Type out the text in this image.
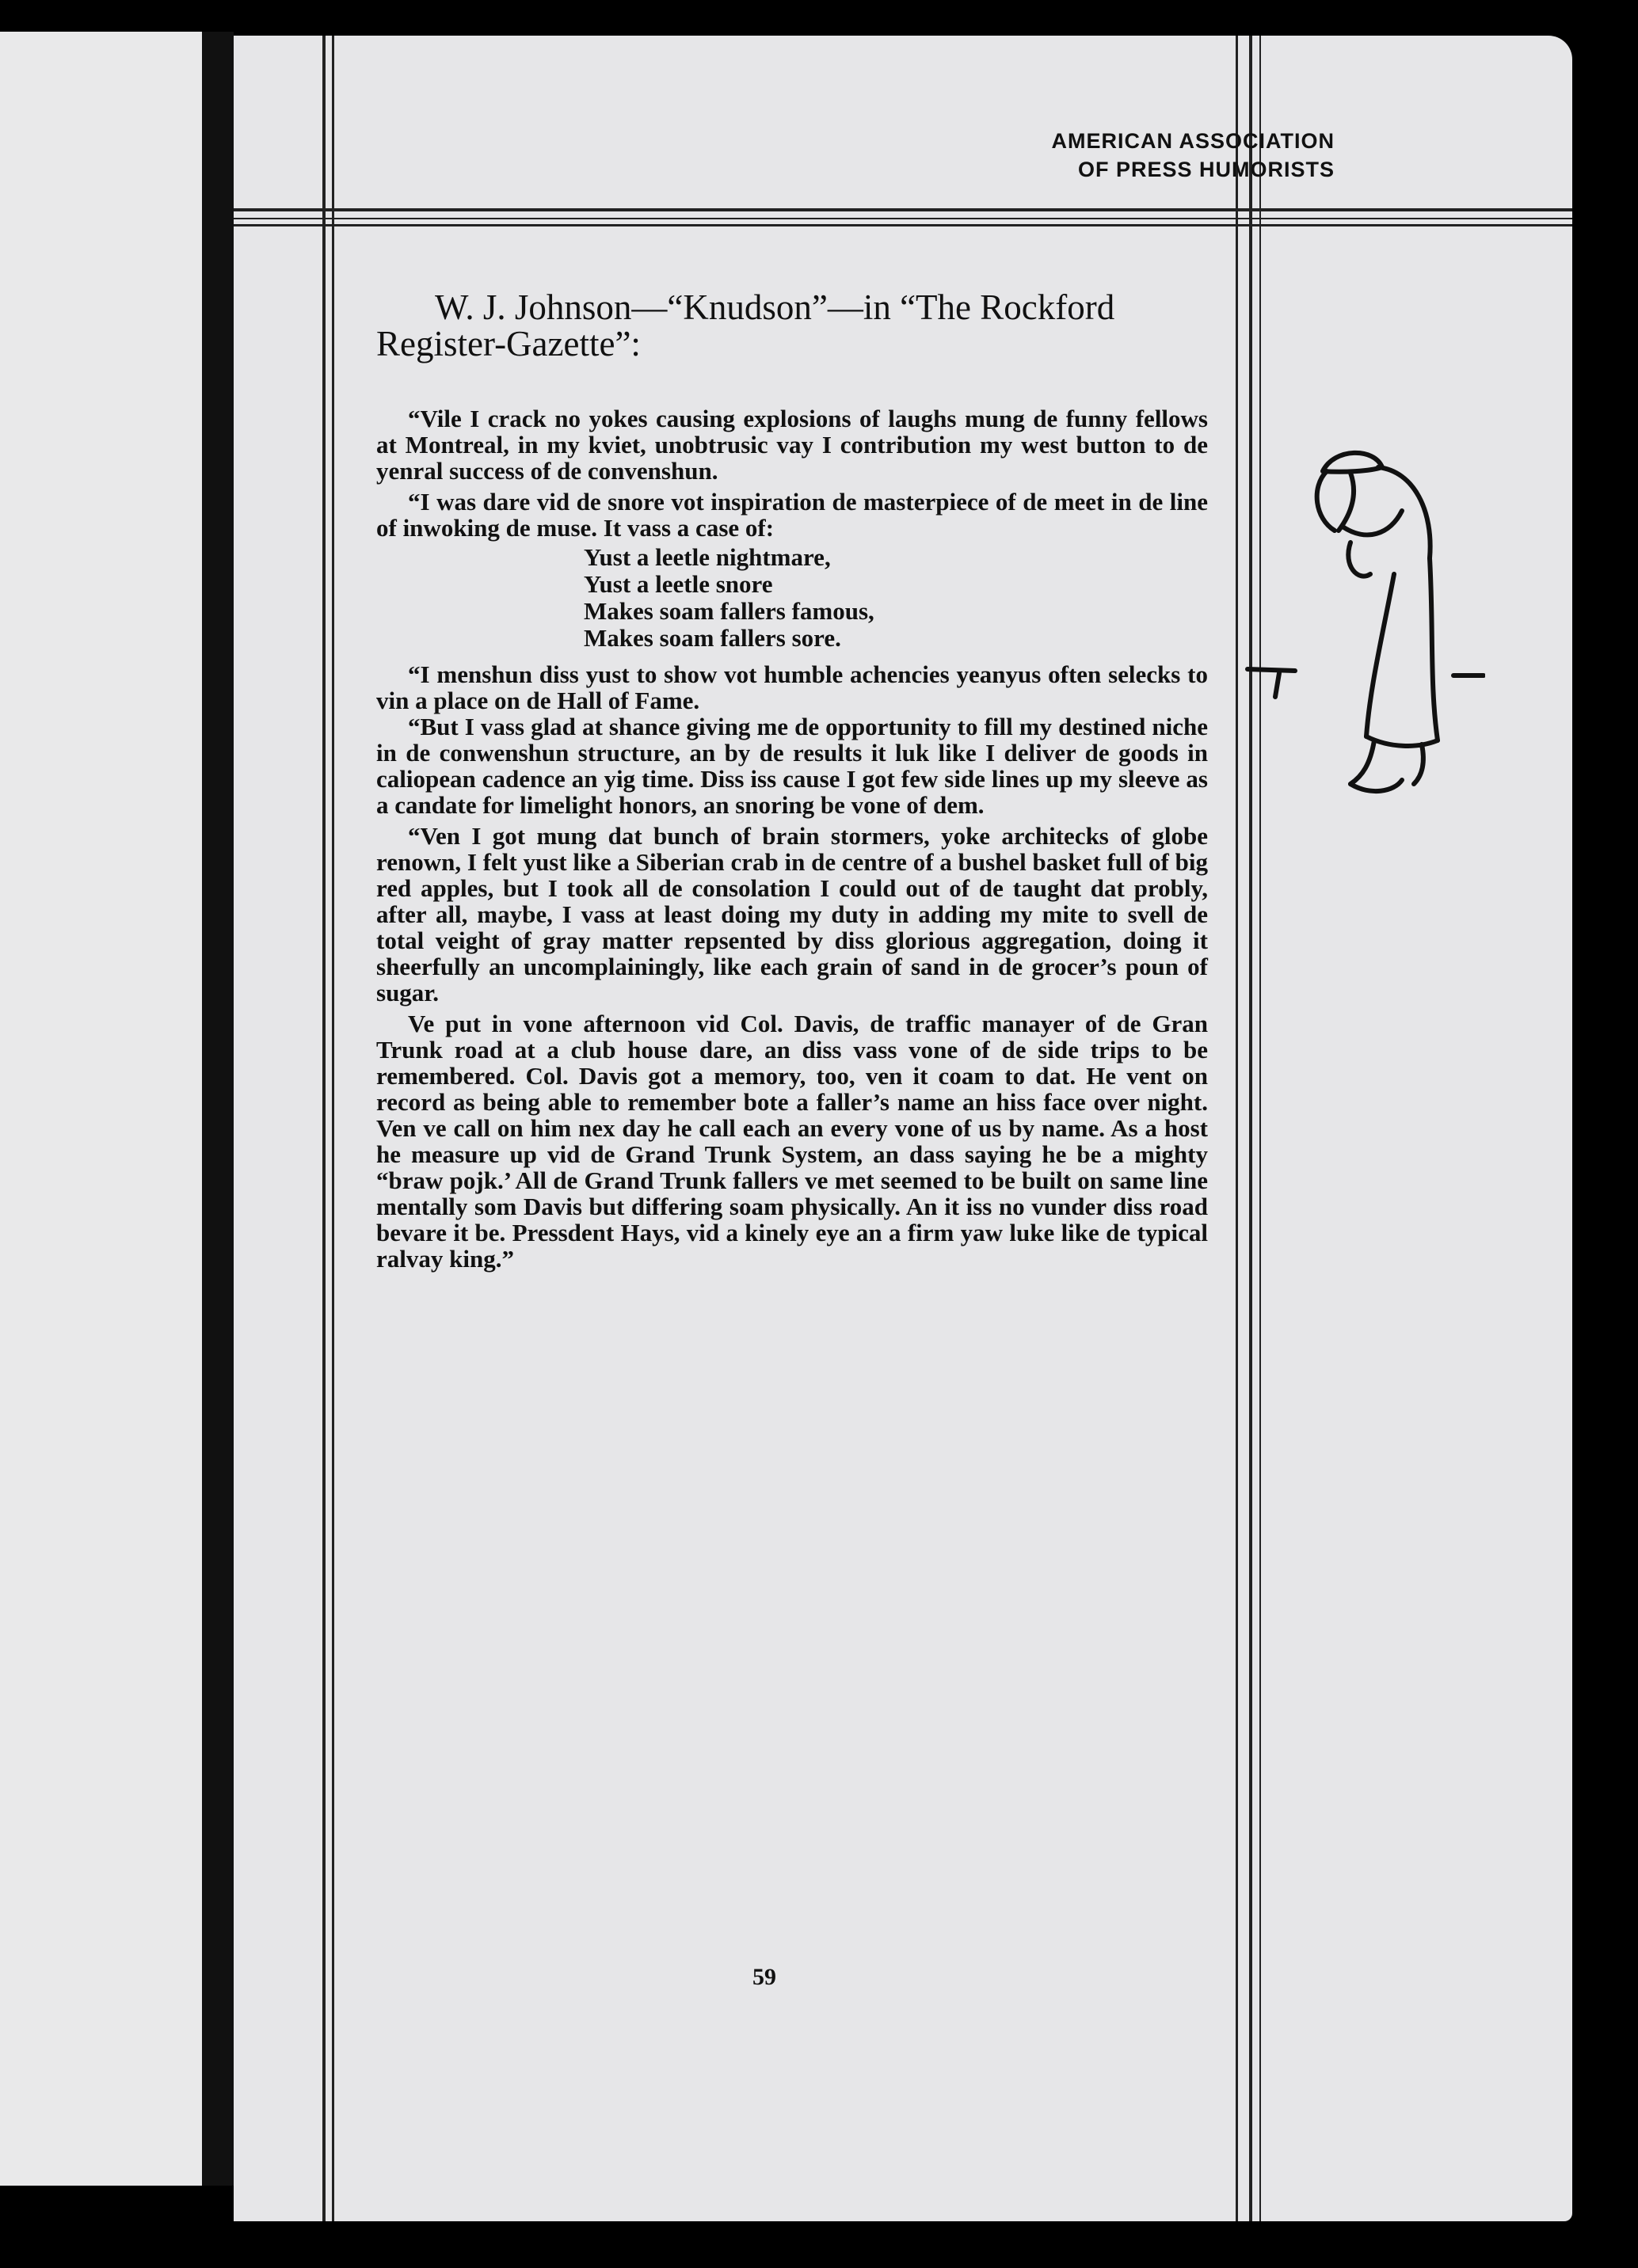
AMERICAN ASSOCIATION
OF PRESS HUMORISTS
W. J. Johnson—“Knudson”—in “The Rockford Register-Gazette”:

“Vile I crack no yokes causing explosions of laughs mung de funny fellows at Montreal, in my kviet, unobtrusic vay I contribution my west button to de yenral success of de convenshun.

“I was dare vid de snore vot inspiration de masterpiece of de meet in de line of inwoking de muse. It vass a case of:

Yust a leetle nightmare,
Yust a leetle snore
Makes soam fallers famous,
Makes soam fallers sore.

“I menshun diss yust to show vot humble achencies yeanyus often selecks to vin a place on de Hall of Fame.

“But I vass glad at shance giving me de opportunity to fill my destined niche in de conwenshun structure, an by de results it luk like I deliver de goods in caliopean cadence an yig time. Diss iss cause I got few side lines up my sleeve as a candate for limelight honors, an snoring be vone of dem.

“Ven I got mung dat bunch of brain stormers, yoke architecks of globe renown, I felt yust like a Siberian crab in de centre of a bushel basket full of big red apples, but I took all de consolation I could out of de taught dat probly, after all, maybe, I vass at least doing my duty in adding my mite to svell de total veight of gray matter repsented by diss glorious aggregation, doing it sheerfully an uncomplainingly, like each grain of sand in de grocer’s poun of sugar.

Ve put in vone afternoon vid Col. Davis, de traffic manayer of de Gran Trunk road at a club house dare, an diss vass vone of de side trips to be remembered. Col. Davis got a memory, too, ven it coam to dat. He vent on record as being able to remember bote a faller’s name an hiss face over night. Ven ve call on him nex day he call each an every vone of us by name. As a host he measure up vid de Grand Trunk System, an dass saying he be a mighty “braw pojk.’ All de Grand Trunk fallers ve met seemed to be built on same line mentally som Davis but differing soam physically. An it iss no vunder diss road bevare it be. Pressdent Hays, vid a kinely eye an a firm yaw luke like de typical ralvay king.”

59
